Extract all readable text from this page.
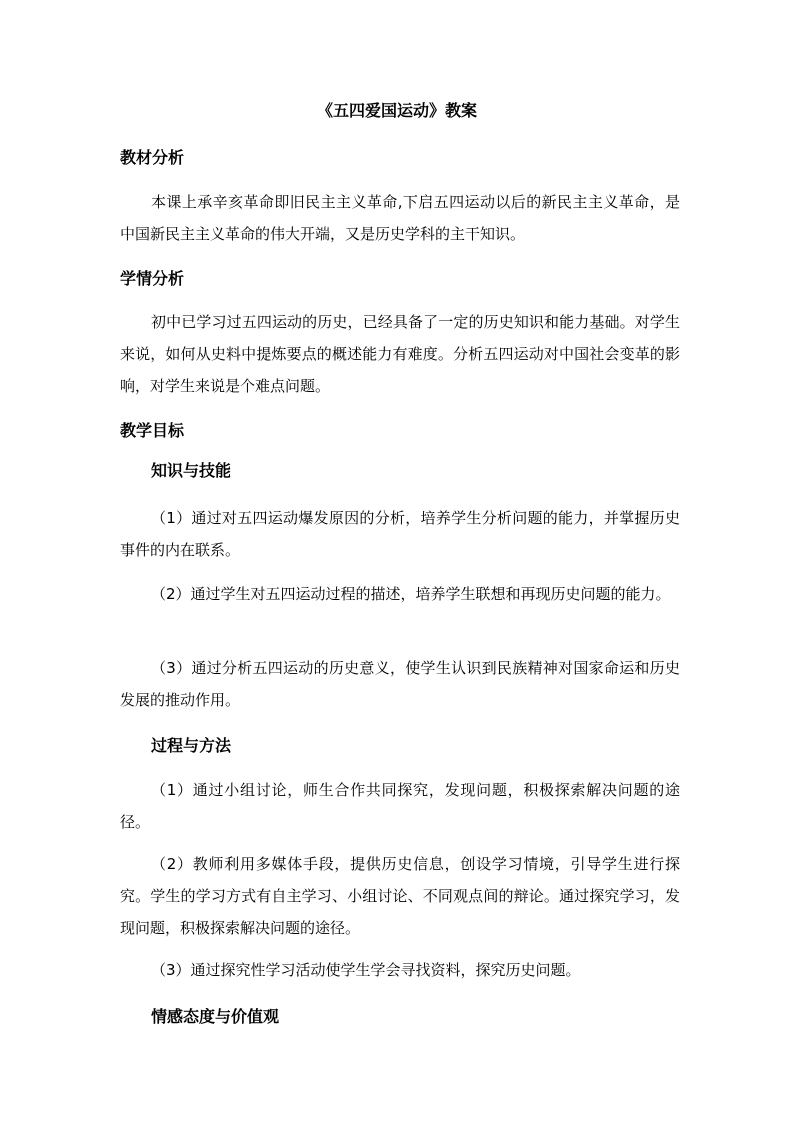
《五四爱国运动》教案
教材分析
本课上承辛亥革命即旧民主主义革命,下启五四运动以后的新民主主义革命，是中国新民主主义革命的伟大开端，又是历史学科的主干知识。
学情分析
初中已学习过五四运动的历史，已经具备了一定的历史知识和能力基础。对学生来说，如何从史料中提炼要点的概述能力有难度。分析五四运动对中国社会变革的影响，对学生来说是个难点问题。
教学目标
知识与技能
（1）通过对五四运动爆发原因的分析，培养学生分析问题的能力，并掌握历史事件的内在联系。
（2）通过学生对五四运动过程的描述，培养学生联想和再现历史问题的能力。
（3）通过分析五四运动的历史意义，使学生认识到民族精神对国家命运和历史发展的推动作用。
过程与方法
（1）通过小组讨论，师生合作共同探究，发现问题，积极探索解决问题的途径。
（2）教师利用多媒体手段，提供历史信息，创设学习情境，引导学生进行探究。学生的学习方式有自主学习、小组讨论、不同观点间的辩论。通过探究学习，发现问题，积极探索解决问题的途径。
（3）通过探究性学习活动使学生学会寻找资料，探究历史问题。
情感态度与价值观
